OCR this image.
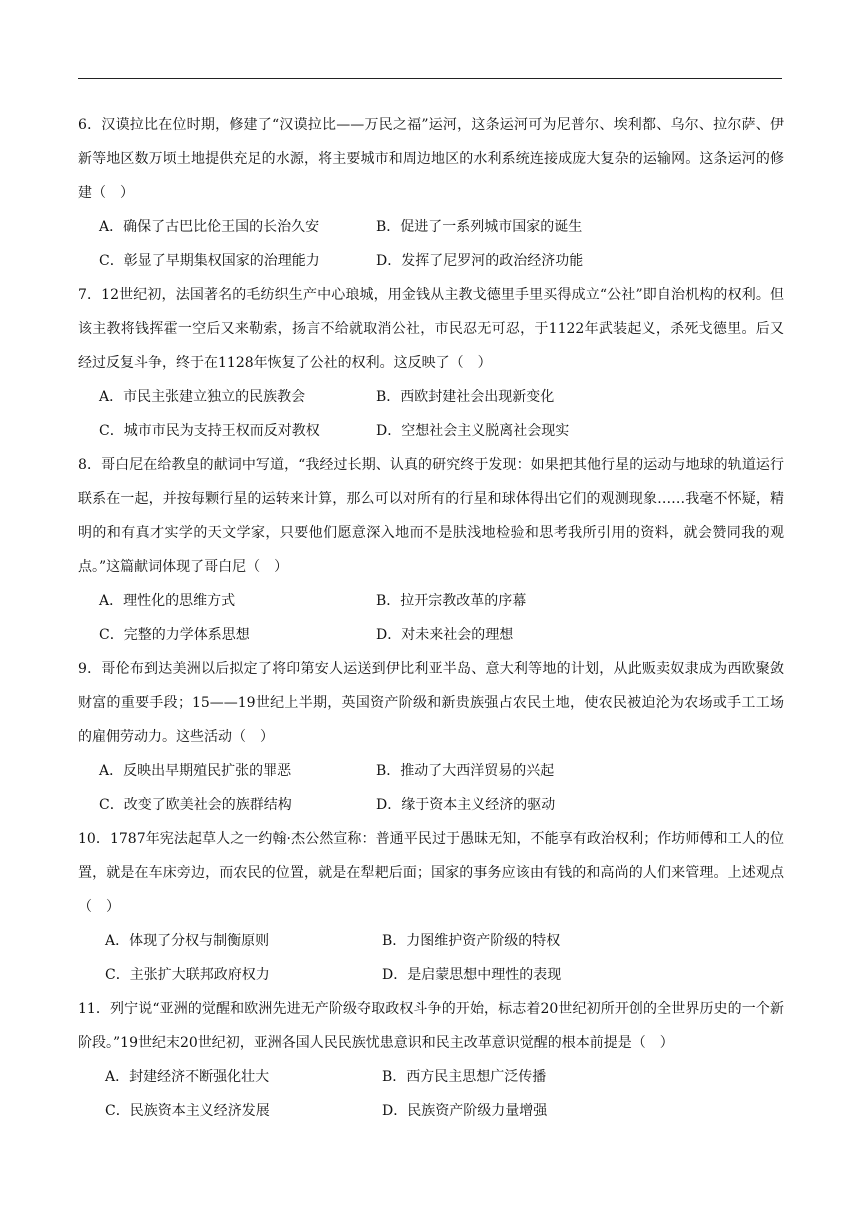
6．汉谟拉比在位时期，修建了“汉谟拉比——万民之福”运河，这条运河可为尼普尔、埃利都、乌尔、拉尔萨、伊新等地区数万顷土地提供充足的水源，将主要城市和周边地区的水利系统连接成庞大复杂的运输网。这条运河的修建（　）

A．确保了古巴比伦王国的长治久安	B．促进了一系列城市国家的诞生
C．彰显了早期集权国家的治理能力	D．发挥了尼罗河的政治经济功能

7．12世纪初，法国著名的毛纺织生产中心琅城，用金钱从主教戈德里手里买得成立“公社”即自治机构的权利。但该主教将钱挥霍一空后又来勒索，扬言不给就取消公社，市民忍无可忍，于1122年武装起义，杀死戈德里。后又经过反复斗争，终于在1128年恢复了公社的权利。这反映了（　）

A．市民主张建立独立的民族教会	B．西欧封建社会出现新变化
C．城市市民为支持王权而反对教权	D．空想社会主义脱离社会现实

8．哥白尼在给教皇的献词中写道，“我经过长期、认真的研究终于发现：如果把其他行星的运动与地球的轨道运行联系在一起，并按每颗行星的运转来计算，那么可以对所有的行星和球体得出它们的观测现象……我毫不怀疑，精明的和有真才实学的天文学家，只要他们愿意深入地而不是肤浅地检验和思考我所引用的资料，就会赞同我的观点。”这篇献词体现了哥白尼（　）

A．理性化的思维方式	B．拉开宗教改革的序幕
C．完整的力学体系思想	D．对未来社会的理想

9．哥伦布到达美洲以后拟定了将印第安人运送到伊比利亚半岛、意大利等地的计划，从此贩卖奴隶成为西欧聚敛财富的重要手段；15——19世纪上半期，英国资产阶级和新贵族强占农民土地，使农民被迫沦为农场或手工工场的雇佣劳动力。这些活动（　）

A．反映出早期殖民扩张的罪恶	B．推动了大西洋贸易的兴起
C．改变了欧美社会的族群结构	D．缘于资本主义经济的驱动

10．1787年宪法起草人之一约翰·杰公然宣称：普通平民过于愚昧无知，不能享有政治权利；作坊师傅和工人的位置，就是在车床旁边，而农民的位置，就是在犁耙后面；国家的事务应该由有钱的和高尚的人们来管理。上述观点（　）

A．体现了分权与制衡原则	B．力图维护资产阶级的特权
C．主张扩大联邦政府权力	D．是启蒙思想中理性的表现

11．列宁说“亚洲的觉醒和欧洲先进无产阶级夺取政权斗争的开始，标志着20世纪初所开创的全世界历史的一个新阶段。”19世纪末20世纪初，亚洲各国人民民族忧患意识和民主改革意识觉醒的根本前提是（　）

A．封建经济不断强化壮大	B．西方民主思想广泛传播
C．民族资本主义经济发展	D．民族资产阶级力量增强
